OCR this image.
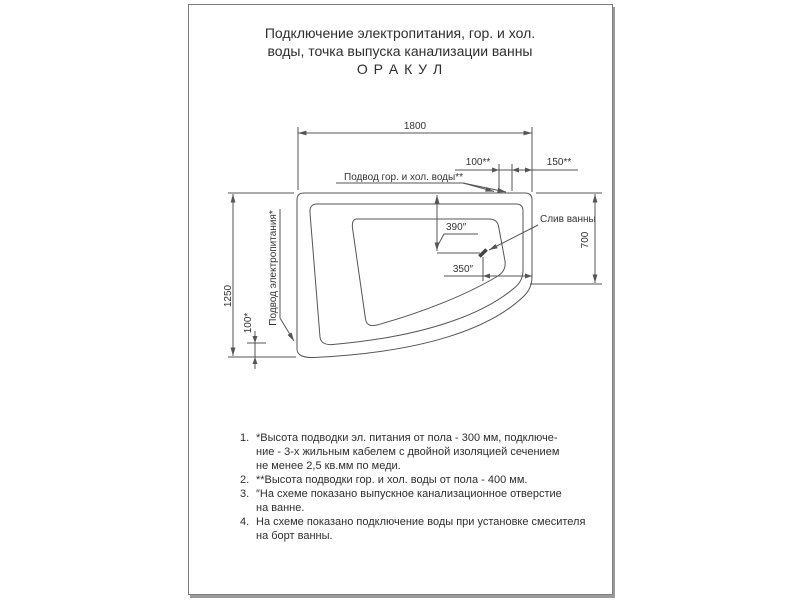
Подключение электропитания, гор. и хол.
воды, точка выпуска канализации ванны
О Р А К У Л
1800
100**	150**
Подвод гор. и хол. воды**
390″
350″
Слив ванны
700
1250
100* Подвод электропитания*
1. *Высота подводки эл. питания от пола - 300 мм, подключе-
ние - 3-х жильным кабелем с двойной изоляцией сечением
не менее 2,5 кв.мм по меди.
2. **Высота подводки гор. и хол. воды от пола - 400 мм.
3. ″На схеме показано выпускное канализационное отверстие
на ванне.
4. На схеме показано подключение воды при установке смесителя
на борт ванны.
